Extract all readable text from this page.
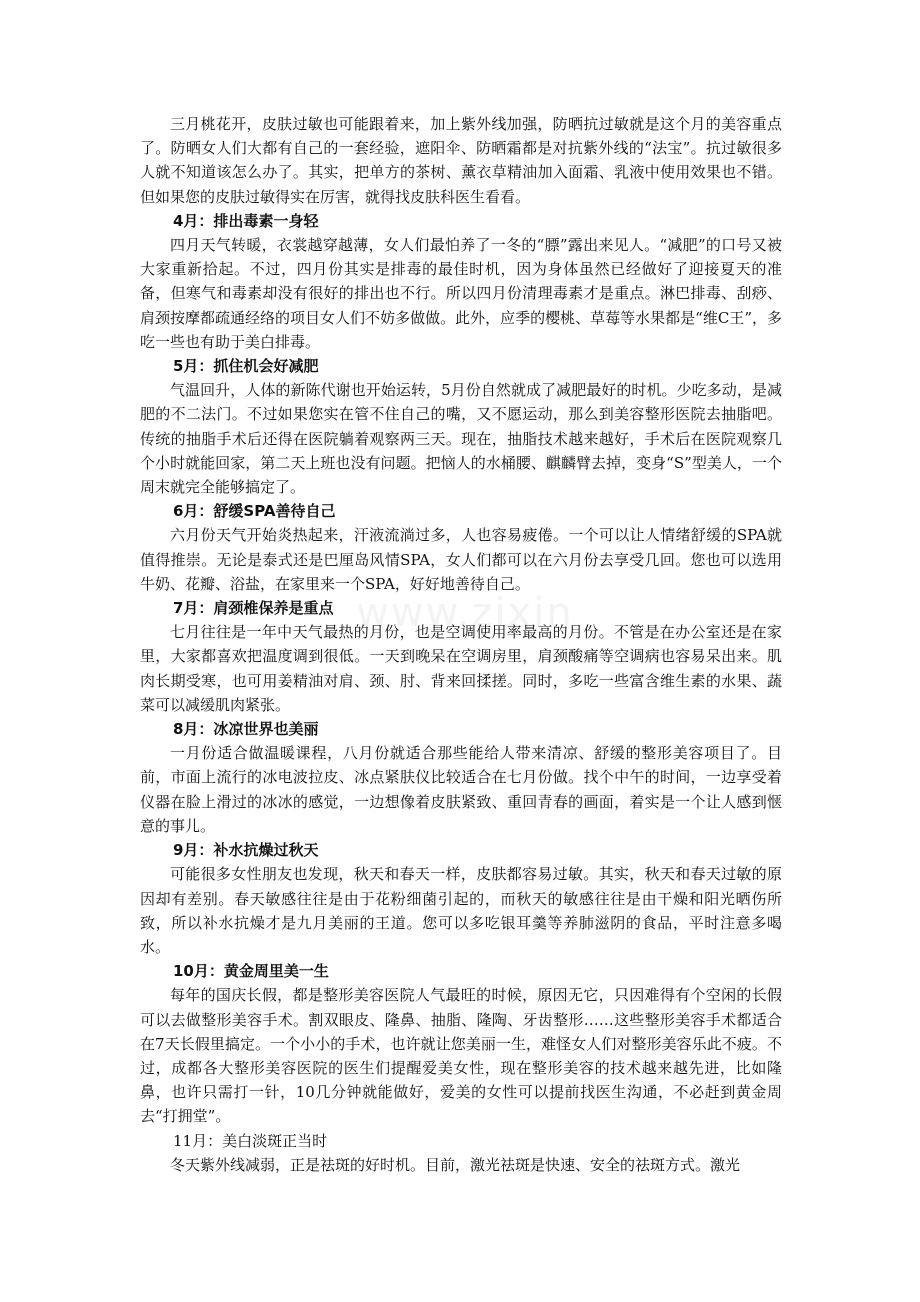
www.zixin

三月桃花开，皮肤过敏也可能跟着来，加上紫外线加强，防晒抗过敏就是这个月的美容重点了。防晒女人们大都有自己的一套经验，遮阳伞、防晒霜都是对抗紫外线的“法宝”。抗过敏很多人就不知道该怎么办了。其实，把单方的茶树、薰衣草精油加入面霜、乳液中使用效果也不错。但如果您的皮肤过敏得实在厉害，就得找皮肤科医生看看。

4月：排出毒素一身轻

四月天气转暖，衣裳越穿越薄，女人们最怕养了一冬的“膘”露出来见人。“减肥”的口号又被大家重新拾起。不过，四月份其实是排毒的最佳时机，因为身体虽然已经做好了迎接夏天的准备，但寒气和毒素却没有很好的排出也不行。所以四月份清理毒素才是重点。淋巴排毒、刮痧、肩颈按摩都疏通经络的项目女人们不妨多做做。此外，应季的樱桃、草莓等水果都是“维C王”，多吃一些也有助于美白排毒。

5月：抓住机会好减肥

气温回升，人体的新陈代谢也开始运转，5月份自然就成了减肥最好的时机。少吃多动，是减肥的不二法门。不过如果您实在管不住自己的嘴，又不愿运动，那么到美容整形医院去抽脂吧。传统的抽脂手术后还得在医院躺着观察两三天。现在，抽脂技术越来越好，手术后在医院观察几个小时就能回家，第二天上班也没有问题。把恼人的水桶腰、麒麟臂去掉，变身“S”型美人，一个周末就完全能够搞定了。

6月：舒缓SPA善待自己

六月份天气开始炎热起来，汗液流淌过多，人也容易疲倦。一个可以让人情绪舒缓的SPA就值得推崇。无论是泰式还是巴厘岛风情SPA，女人们都可以在六月份去享受几回。您也可以选用牛奶、花瓣、浴盐，在家里来一个SPA，好好地善待自己。

7月：肩颈椎保养是重点

七月往往是一年中天气最热的月份，也是空调使用率最高的月份。不管是在办公室还是在家里，大家都喜欢把温度调到很低。一天到晚呆在空调房里，肩颈酸痛等空调病也容易呆出来。肌肉长期受寒，也可用姜精油对肩、颈、肘、背来回揉搓。同时，多吃一些富含维生素的水果、蔬菜可以减缓肌肉紧张。

8月：冰凉世界也美丽

一月份适合做温暖课程，八月份就适合那些能给人带来清凉、舒缓的整形美容项目了。目前，市面上流行的冰电波拉皮、冰点紧肤仪比较适合在七月份做。找个中午的时间，一边享受着仪器在脸上滑过的冰冰的感觉，一边想像着皮肤紧致、重回青春的画面，着实是一个让人感到惬意的事儿。

9月：补水抗燥过秋天

可能很多女性朋友也发现，秋天和春天一样，皮肤都容易过敏。其实，秋天和春天过敏的原因却有差别。春天敏感往往是由于花粉细菌引起的，而秋天的敏感往往是由干燥和阳光晒伤所致，所以补水抗燥才是九月美丽的王道。您可以多吃银耳羹等养肺滋阴的食品，平时注意多喝水。

10月：黄金周里美一生

每年的国庆长假，都是整形美容医院人气最旺的时候，原因无它，只因难得有个空闲的长假可以去做整形美容手术。割双眼皮、隆鼻、抽脂、隆陶、牙齿整形……这些整形美容手术都适合在7天长假里搞定。一个小小的手术，也许就让您美丽一生，难怪女人们对整形美容乐此不疲。不过，成都各大整形美容医院的医生们提醒爱美女性，现在整形美容的技术越来越先进，比如隆鼻，也许只需打一针，10几分钟就能做好，爱美的女性可以提前找医生沟通，不必赶到黄金周去“打拥堂”。

11月：美白淡斑正当时

冬天紫外线减弱，正是祛斑的好时机。目前，激光祛斑是快速、安全的祛斑方式。激光
